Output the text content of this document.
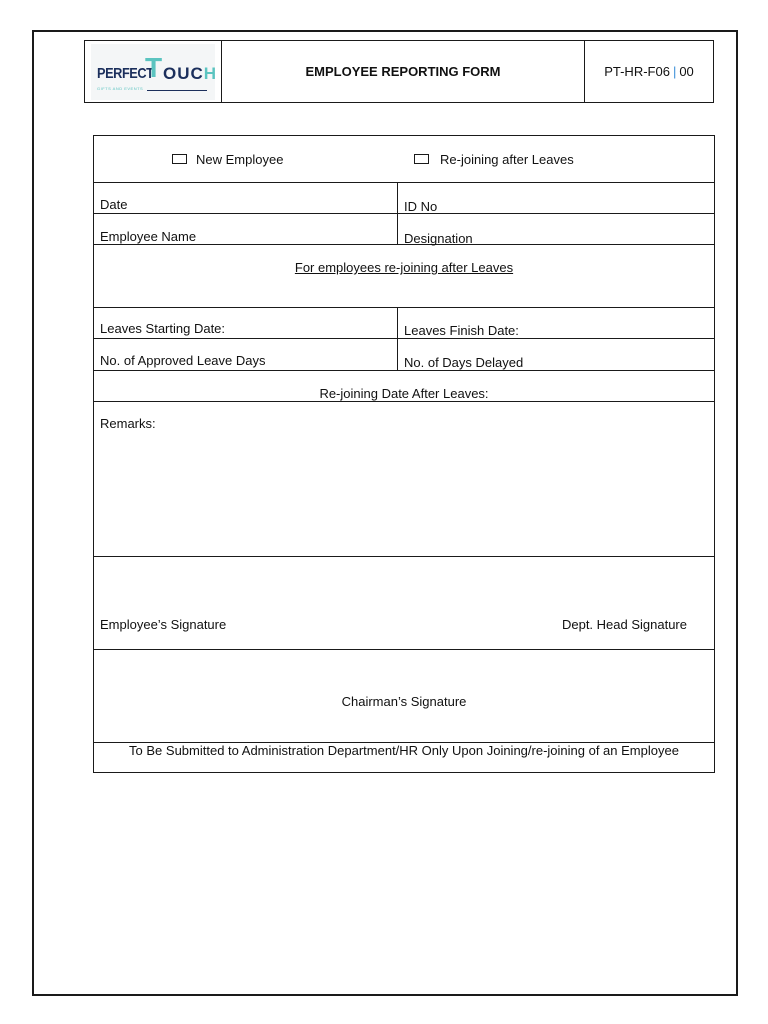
PERFECT
T OUCH
GIFTS AND EVENTS
EMPLOYEE REPORTING FORM	PT-HR-F06 | 00
New Employee	Re-joining after Leaves
Date	ID No
Employee Name	Designation
For employees re-joining after Leaves
Leaves Starting Date:	Leaves Finish Date:
No. of Approved Leave Days	No. of Days Delayed
Re-joining Date After Leaves:
Remarks:
Employee’s Signature	Dept. Head Signature
Chairman’s Signature
To Be Submitted to Administration Department/HR Only Upon Joining/re-joining of an Employee
